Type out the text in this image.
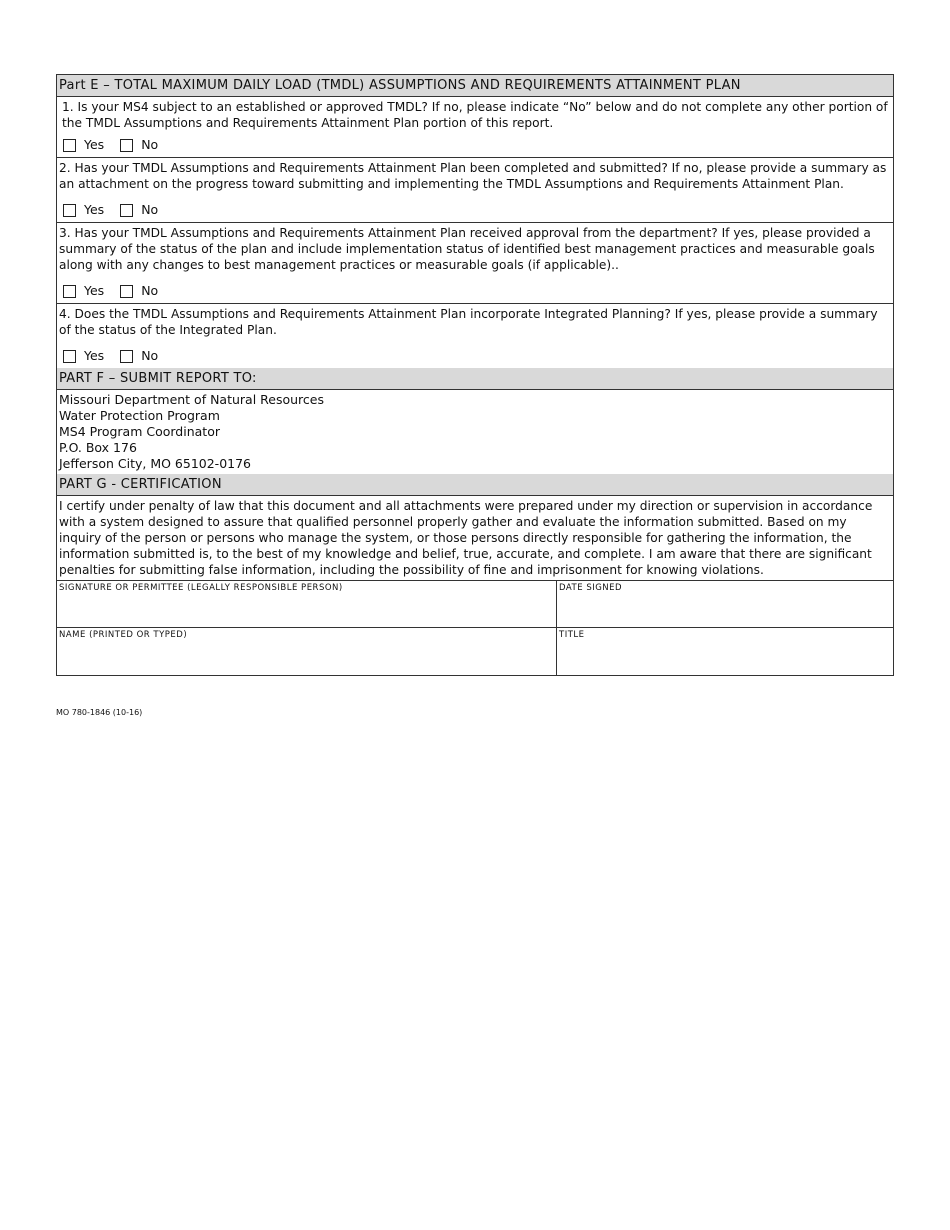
Part E – TOTAL MAXIMUM DAILY LOAD (TMDL) ASSUMPTIONS AND REQUIREMENTS ATTAINMENT PLAN

1. Is your MS4 subject to an established or approved TMDL? If no, please indicate “No” below and do not complete any other portion of the TMDL Assumptions and Requirements Attainment Plan portion of this report.

Yes	No

2. Has your TMDL Assumptions and Requirements Attainment Plan been completed and submitted? If no, please provide a summary as an attachment on the progress toward submitting and implementing the TMDL Assumptions and Requirements Attainment Plan.

Yes	No

3. Has your TMDL Assumptions and Requirements Attainment Plan received approval from the department? If yes, please provided a summary of the status of the plan and include implementation status of identified best management practices and measurable goals along with any changes to best management practices or measurable goals (if applicable)..

Yes	No

4. Does the TMDL Assumptions and Requirements Attainment Plan incorporate Integrated Planning? If yes, please provide a summary of the status of the Integrated Plan.

Yes	No
PART F – SUBMIT REPORT TO:
Missouri Department of Natural Resources
Water Protection Program
MS4 Program Coordinator
P.O. Box 176
Jefferson City, MO 65102-0176
PART G - CERTIFICATION
I certify under penalty of law that this document and all attachments were prepared under my direction or supervision in accordance with a system designed to assure that qualified personnel properly gather and evaluate the information submitted. Based on my inquiry of the person or persons who manage the system, or those persons directly responsible for gathering the information, the information submitted is, to the best of my knowledge and belief, true, accurate, and complete. I am aware that there are significant penalties for submitting false information, including the possibility of fine and imprisonment for knowing violations.
SIGNATURE OR PERMITTEE (LEGALLY RESPONSIBLE PERSON)	DATE SIGNED
NAME (PRINTED OR TYPED)	TITLE
MO 780-1846 (10-16)
